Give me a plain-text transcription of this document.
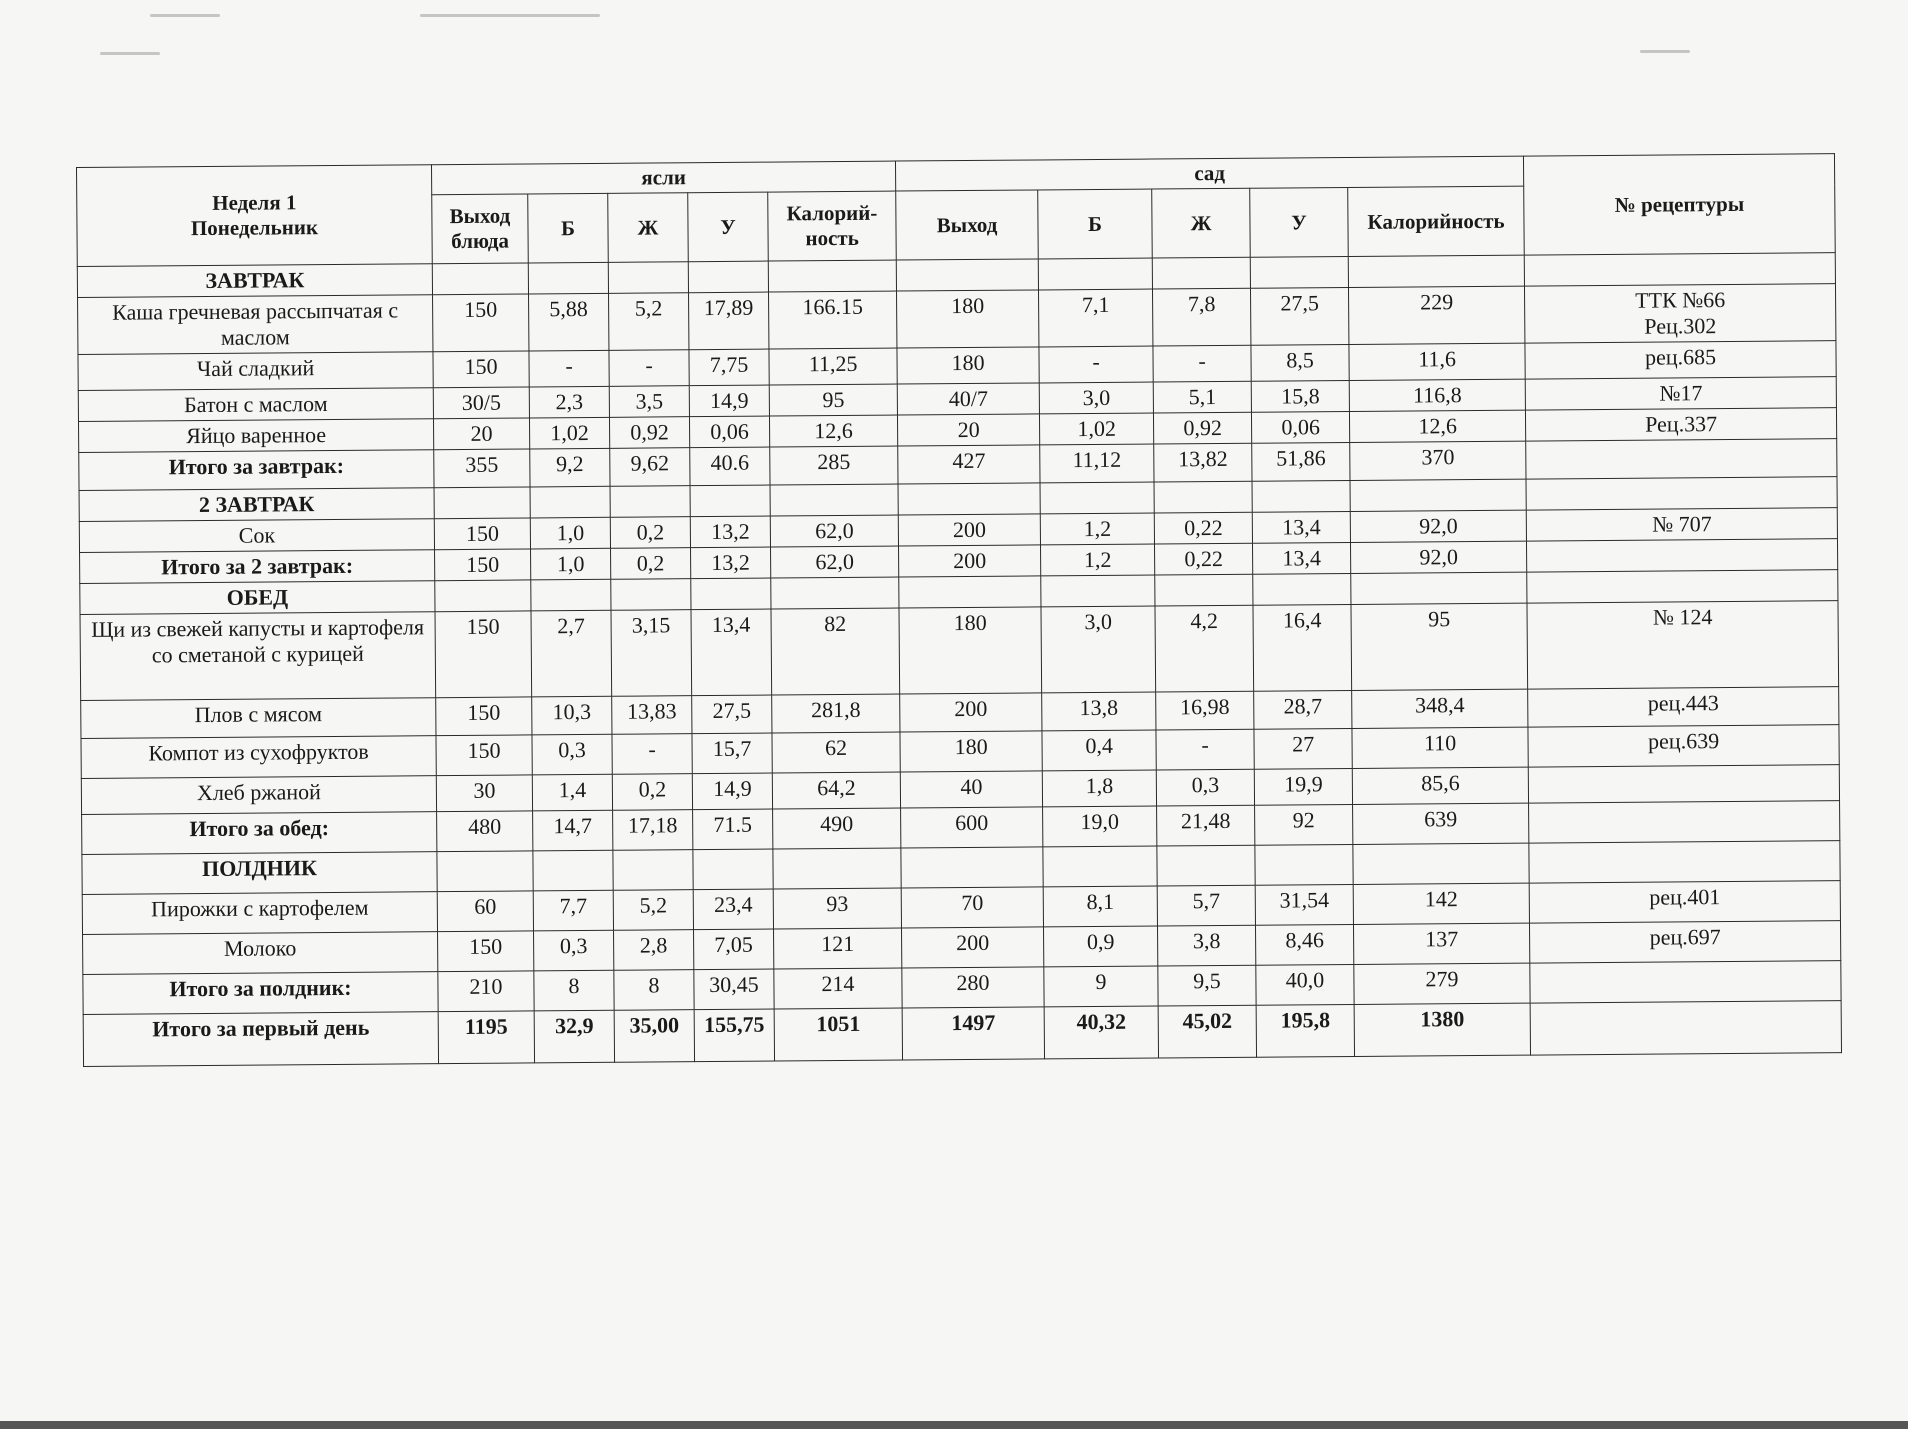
Неделя 1
Понедельник	ясли					сад					№ рецептуры
	Выход блюда	Б	Ж	У	Калорий-ность	Выход	Б	Ж	У	Калорийность	
ЗАВТРАК											
Каша гречневая рассыпчатая с маслом	150	5,88	5,2	17,89	166.15	180	7,1	7,8	27,5	229	ТТК №66
Рец.302
Чай сладкий	150	-	-	7,75	11,25	180	-	-	8,5	11,6	рец.685
Батон с маслом	30/5	2,3	3,5	14,9	95	40/7	3,0	5,1	15,8	116,8	№17
Яйцо варенное	20	1,02	0,92	0,06	12,6	20	1,02	0,92	0,06	12,6	Рец.337
Итого за завтрак:	355	9,2	9,62	40.6	285	427	11,12	13,82	51,86	370	
2 ЗАВТРАК											
Сок	150	1,0	0,2	13,2	62,0	200	1,2	0,22	13,4	92,0	№ 707
Итого за 2 завтрак:	150	1,0	0,2	13,2	62,0	200	1,2	0,22	13,4	92,0	
ОБЕД											
Щи из свежей капусты и картофеля со сметаной с курицей	150	2,7	3,15	13,4	82	180	3,0	4,2	16,4	95	№ 124
Плов с мясом	150	10,3	13,83	27,5	281,8	200	13,8	16,98	28,7	348,4	рец.443
Компот из сухофруктов	150	0,3	-	15,7	62	180	0,4	-	27	110	рец.639
Хлеб ржаной	30	1,4	0,2	14,9	64,2	40	1,8	0,3	19,9	85,6	
Итого за обед:	480	14,7	17,18	71.5	490	600	19,0	21,48	92	639	
ПОЛДНИК											
Пирожки с картофелем	60	7,7	5,2	23,4	93	70	8,1	5,7	31,54	142	рец.401
Молоко	150	0,3	2,8	7,05	121	200	0,9	3,8	8,46	137	рец.697
Итого за полдник:	210	8	8	30,45	214	280	9	9,5	40,0	279	
Итого за первый день	1195	32,9	35,00	155,75	1051	1497	40,32	45,02	195,8	1380	
